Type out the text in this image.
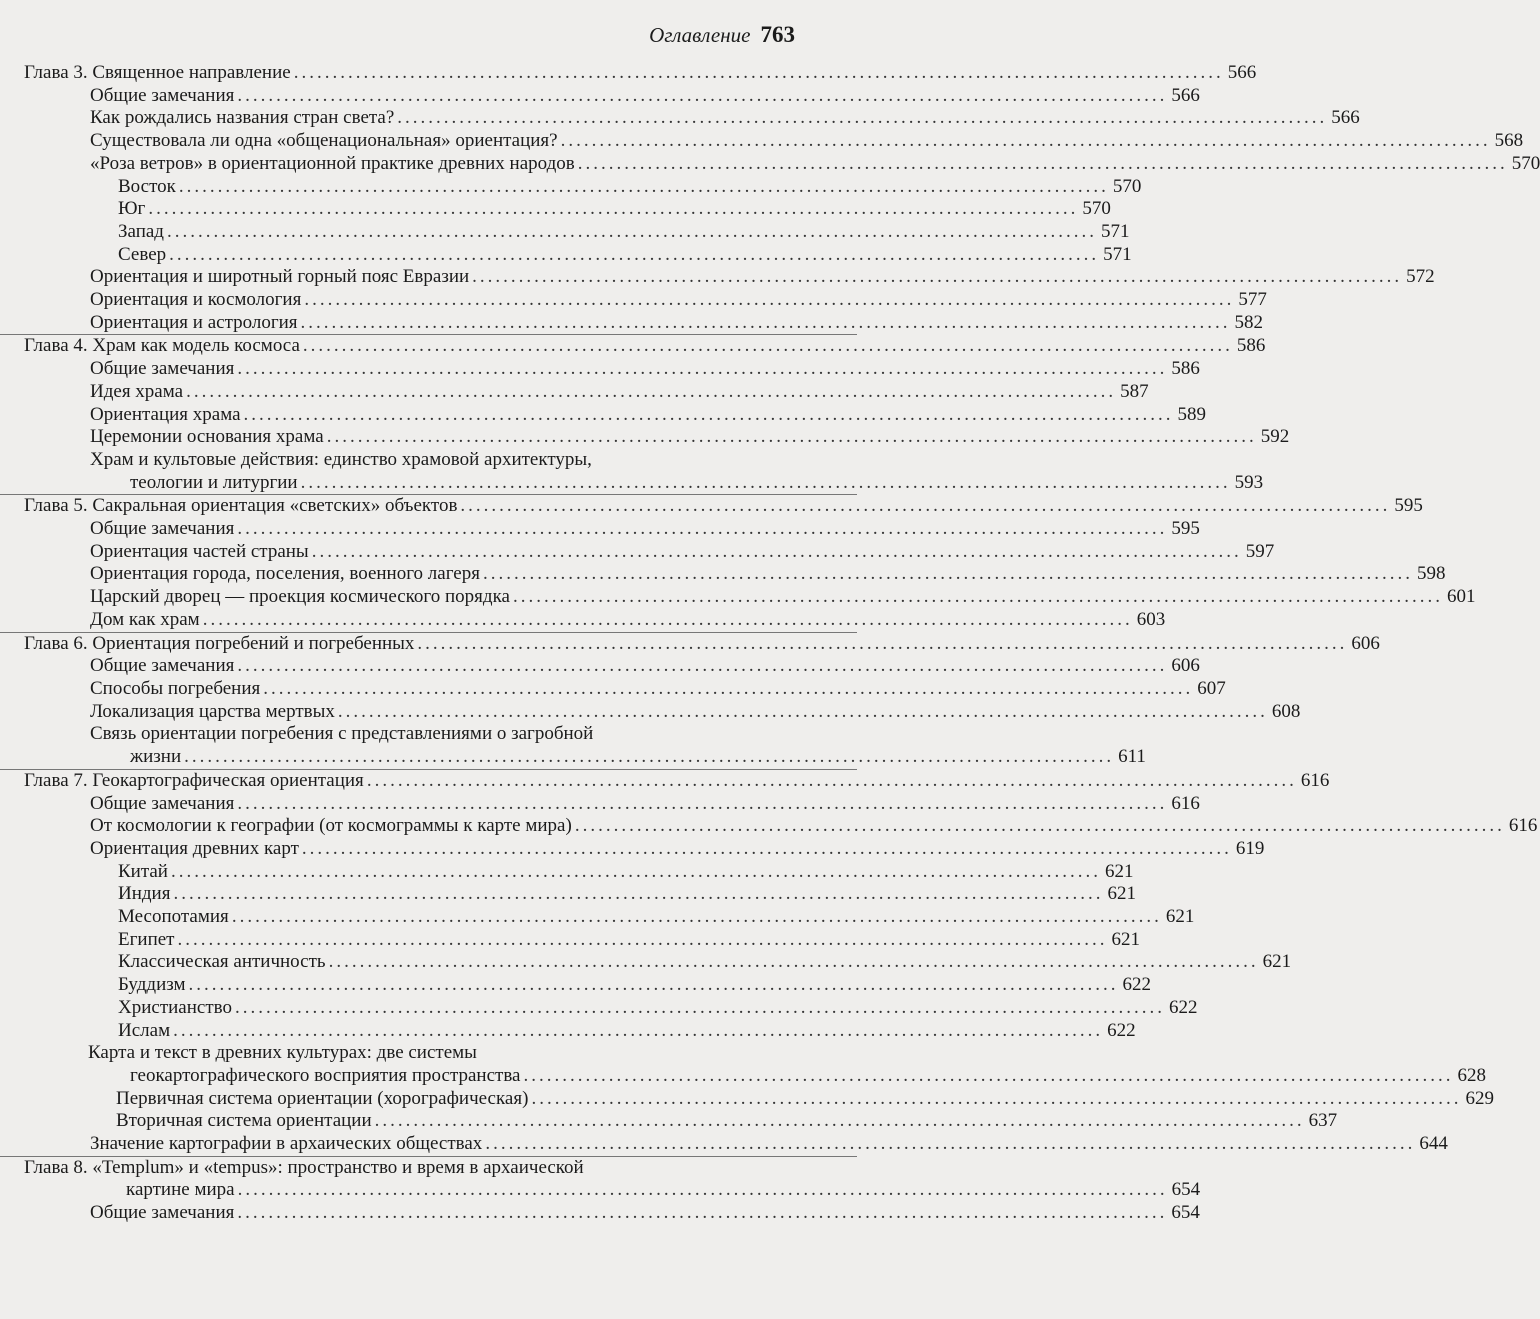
Оглавление 763
Глава 3. Священное направление ........................................................................................................................ 566
Общие замечания ........................................................................................................................ 566
Как рождались названия стран света? ........................................................................................................................ 566
Существовала ли одна «общенациональная» ориентация? ........................................................................................................................ 568
«Роза ветров» в ориентационной практике древних народов ........................................................................................................................ 570
Восток ........................................................................................................................ 570
Юг ........................................................................................................................ 570
Запад ........................................................................................................................ 571
Север ........................................................................................................................ 571
Ориентация и широтный горный пояс Евразии ........................................................................................................................ 572
Ориентация и космология ........................................................................................................................ 577
Ориентация и астрология ........................................................................................................................ 582
Глава 4. Храм как модель космоса ........................................................................................................................ 586
Общие замечания ........................................................................................................................ 586
Идея храма ........................................................................................................................ 587
Ориентация храма ........................................................................................................................ 589
Церемонии основания храма ........................................................................................................................ 592
Храм и культовые действия: единство храмовой архитектуры,
теологии и литургии ........................................................................................................................ 593
Глава 5. Сакральная ориентация «светских» объектов ........................................................................................................................ 595
Общие замечания ........................................................................................................................ 595
Ориентация частей страны ........................................................................................................................ 597
Ориентация города, поселения, военного лагеря ........................................................................................................................ 598
Царский дворец — проекция космического порядка ........................................................................................................................ 601
Дом как храм ........................................................................................................................ 603
Глава 6. Ориентация погребений и погребенных ........................................................................................................................ 606
Общие замечания ........................................................................................................................ 606
Способы погребения ........................................................................................................................ 607
Локализация царства мертвых ........................................................................................................................ 608
Связь ориентации погребения с представлениями о загробной
жизни ........................................................................................................................ 611
Глава 7. Геокартографическая ориентация ........................................................................................................................ 616
Общие замечания ........................................................................................................................ 616
От космологии к географии (от космограммы к карте мира) ........................................................................................................................ 616
Ориентация древних карт ........................................................................................................................ 619
Китай ........................................................................................................................ 621
Индия ........................................................................................................................ 621
Месопотамия ........................................................................................................................ 621
Египет ........................................................................................................................ 621
Классическая античность ........................................................................................................................ 621
Буддизм ........................................................................................................................ 622
Христианство ........................................................................................................................ 622
Ислам ........................................................................................................................ 622
Карта и текст в древних культурах: две системы
геокартографического восприятия пространства ........................................................................................................................ 628
Первичная система ориентации (хорографическая) ........................................................................................................................ 629
Вторичная система ориентации ........................................................................................................................ 637
Значение картографии в архаических обществах ........................................................................................................................ 644
Глава 8. «Templum» и «tempus»: пространство и время в архаической
картине мира ........................................................................................................................ 654
Общие замечания ........................................................................................................................ 654
